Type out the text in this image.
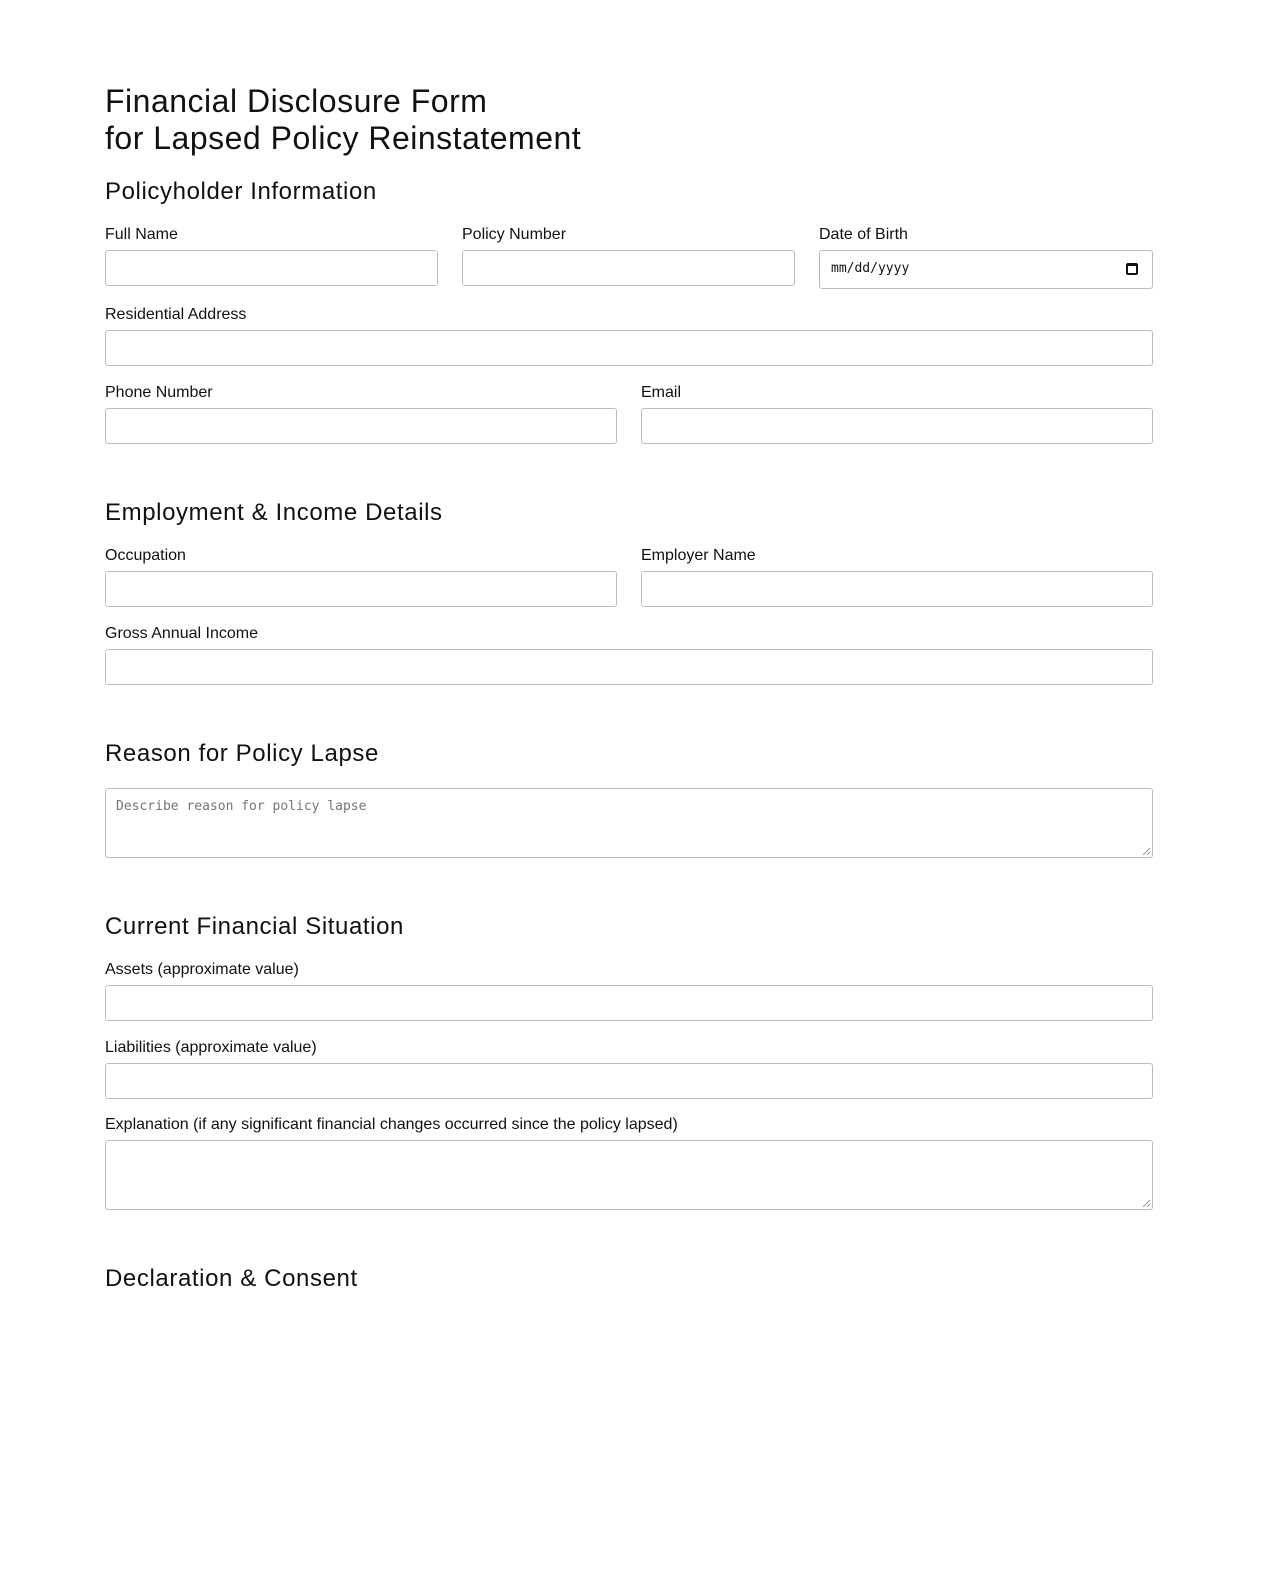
Financial Disclosure Form
for Lapsed Policy Reinstatement
Policyholder Information
Full Name	Policy Number	Date of Birth
mm/dd/yyyy
Residential Address
Phone Number	Email
Employment & Income Details
Occupation	Employer Name
Gross Annual Income
Reason for Policy Lapse
Describe reason for policy lapse
Current Financial Situation
Assets (approximate value)
Liabilities (approximate value)
Explanation (if any significant financial changes occurred since the policy lapsed)
Declaration & Consent
